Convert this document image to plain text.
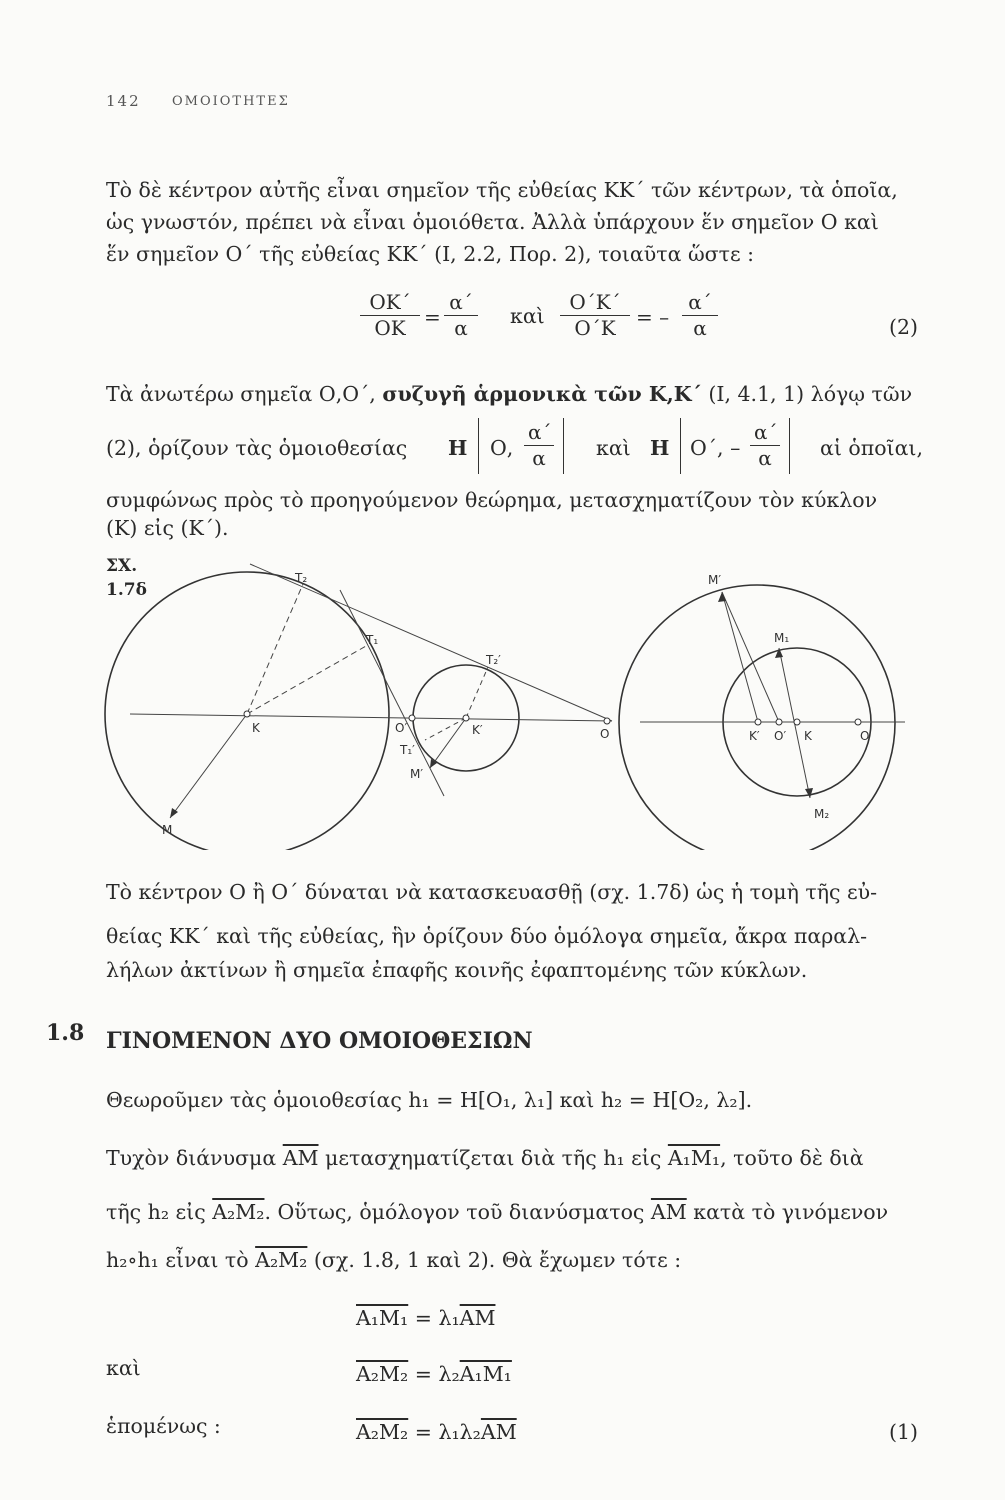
142 ΟΜΟΙΟΤΗΤΕΣ
Τὸ δὲ κέντρον αὐτῆς εἶναι σημεῖον τῆς εὐθείας ΚΚ΄ τῶν κέντρων, τὰ ὁποῖα,
ὡς γνωστόν, πρέπει νὰ εἶναι ὁμοιόθετα. Ἀλλὰ ὑπάρχουν ἕν σημεῖον Ο καὶ
ἕν σημεῖον Ο΄ τῆς εὐθείας ΚΚ΄ (Ι, 2.2, Πορ. 2), τοιαῦτα ὥστε :
$\frac{OK΄}{OK} = \frac{\alpha΄}{\alpha}$ καὶ $\frac{O΄K΄}{O΄K}$ = – $\frac{\alpha΄}{\alpha}$	(2)
Τὰ ἀνωτέρω σημεῖα Ο,Ο΄, συζυγῆ ἁρμονικὰ τῶν Κ,Κ΄ (Ι, 4.1, 1) λόγῳ τῶν
(2), ὁρίζουν τὰς ὁμοιοθεσίας Η Ο, $\frac{\alpha΄}{\alpha}$ καὶ Η Ο΄, – $\frac{\alpha΄}{\alpha}$ αἱ ὁποῖαι,
συμφώνως πρὸς τὸ προηγούμενον θεώρημα, μετασχηματίζουν τὸν κύκλον
(Κ) εἰς (Κ΄).
ΣΧ.
1.7δ
T₂
T₁
T₂′
T₁′
K	O′	K′	O
M
M′
M′
M₁
M₂
K′ O′ K	O
Τὸ κέντρον Ο ἢ Ο΄ δύναται νὰ κατασκευασθῇ (σχ. 1.7δ) ὡς ἡ τομὴ τῆς εὐ-
θείας ΚΚ΄ καὶ τῆς εὐθείας, ἣν ὁρίζουν δύο ὁμόλογα σημεῖα, ἄκρα παραλ-
λήλων ἀκτίνων ἢ σημεῖα ἐπαφῆς κοινῆς ἐφαπτομένης τῶν κύκλων.
1.8 ΓΙΝΟΜΕΝΟΝ ΔΥΟ ΟΜΟΙΟΘΕΣΙΩΝ
Θεωροῦμεν τὰς ὁμοιοθεσίας h₁ = Η[Ο₁, λ₁] καὶ h₂ = Η[Ο₂, λ₂].
Τυχὸν διάνυσμα $\overline{AM}$ μετασχηματίζεται διὰ τῆς h₁ εἰς Α₁Μ₁, τοῦτο δὲ διὰ
τῆς h₂ εἰς Α₂Μ₂. Οὕτως, ὁμόλογον τοῦ διανύσματος $\overline{AM}$ κατὰ τὸ γινόμενον
h₂∘h₁ εἶναι τὸ Α₂Μ₂ (σχ. 1.8, 1 καὶ 2). Θὰ ἔχωμεν τότε :
$A_1M_1 = \lambda_1\overline{AM}$
καὶ	Α₂Μ₂ = λ₂Α₁Μ₁
ἑπομένως :	$A_2M_2 = \lambda_1\lambda_2\overline{AM}$	(1)
